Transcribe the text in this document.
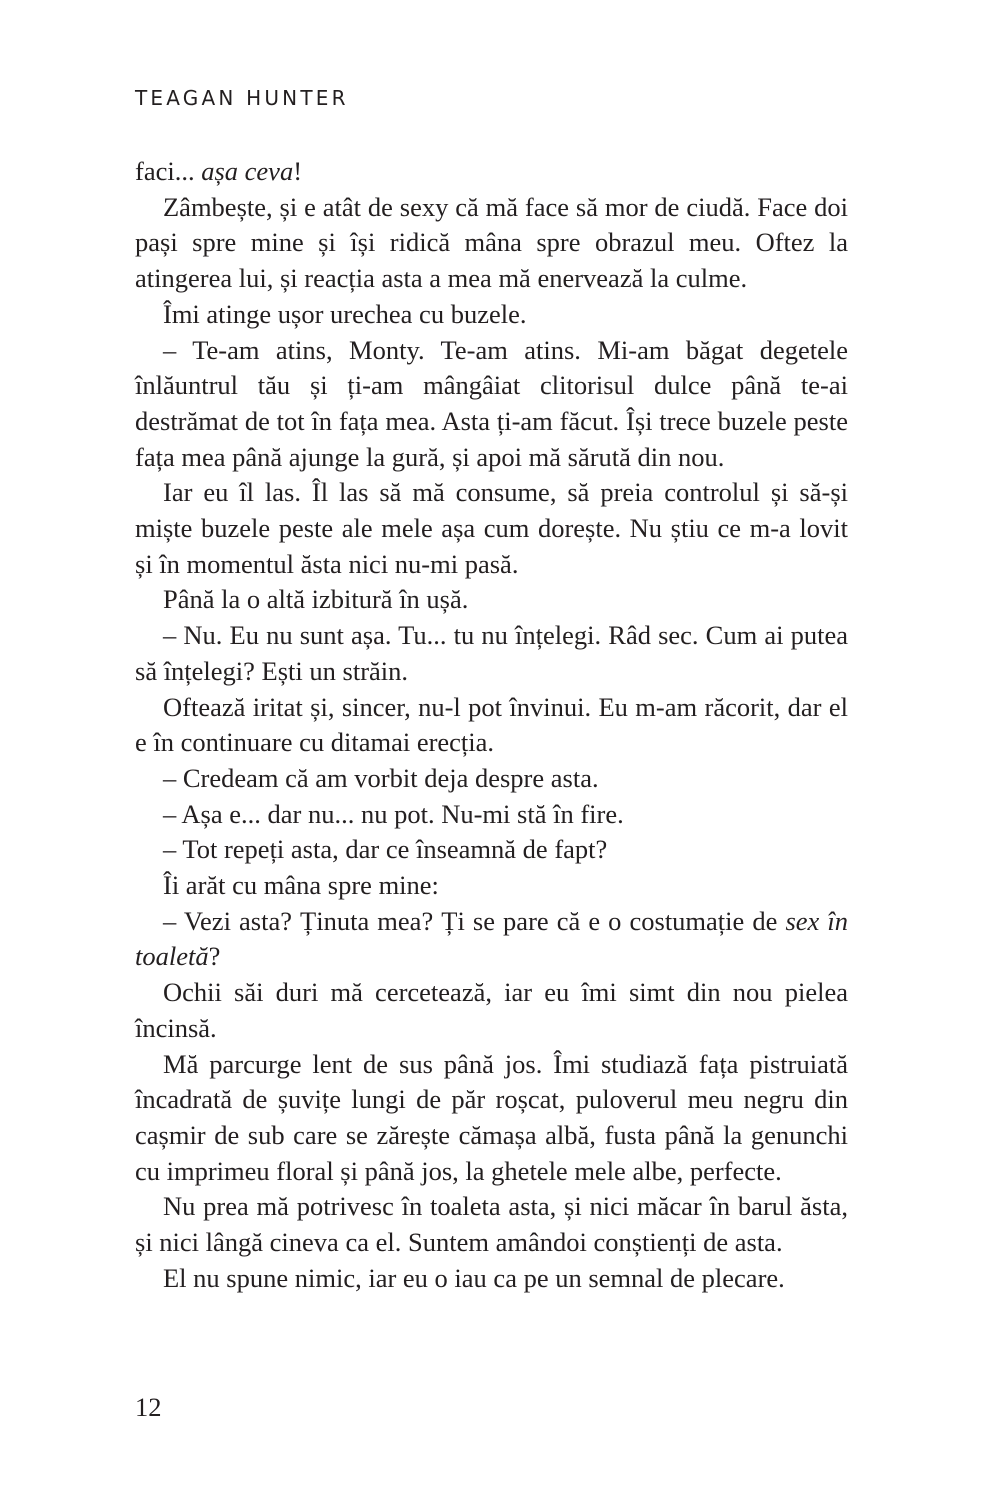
TEAGAN HUNTER

faci... așa ceva!

Zâmbește, și e atât de sexy că mă face să mor de ciudă. Face doi pași spre mine și își ridică mâna spre obrazul meu. Oftez la atingerea lui, și reacția asta a mea mă enervează la culme.

Îmi atinge ușor urechea cu buzele.

– Te-am atins, Monty. Te-am atins. Mi-am băgat degetele înlăuntrul tău și ți-am mângâiat clitorisul dulce până te-ai destrămat de tot în fața mea. Asta ți-am făcut. Își trece buzele peste fața mea până ajunge la gură, și apoi mă sărută din nou.

Iar eu îl las. Îl las să mă consume, să preia controlul și să-și miște buzele peste ale mele așa cum dorește. Nu știu ce m-a lovit și în momentul ăsta nici nu-mi pasă.

Până la o altă izbitură în ușă.

– Nu. Eu nu sunt așa. Tu... tu nu înțelegi. Râd sec. Cum ai putea să înțelegi? Ești un străin.

Oftează iritat și, sincer, nu-l pot învinui. Eu m-am răcorit, dar el e în continuare cu ditamai erecția.

– Credeam că am vorbit deja despre asta.

– Așa e... dar nu... nu pot. Nu-mi stă în fire.

– Tot repeți asta, dar ce înseamnă de fapt?

Îi arăt cu mâna spre mine:

– Vezi asta? Ținuta mea? Ți se pare că e o costumație de sex în toaletă?

Ochii săi duri mă cercetează, iar eu îmi simt din nou pielea încinsă.

Mă parcurge lent de sus până jos. Îmi studiază fața pistruiată încadrată de șuvițe lungi de păr roșcat, puloverul meu negru din cașmir de sub care se zărește cămașa albă, fusta până la genunchi cu imprimeu floral și până jos, la ghetele mele albe, perfecte.

Nu prea mă potrivesc în toaleta asta, și nici măcar în barul ăsta, și nici lângă cineva ca el. Suntem amândoi conștienți de asta.

El nu spune nimic, iar eu o iau ca pe un semnal de plecare.

12
